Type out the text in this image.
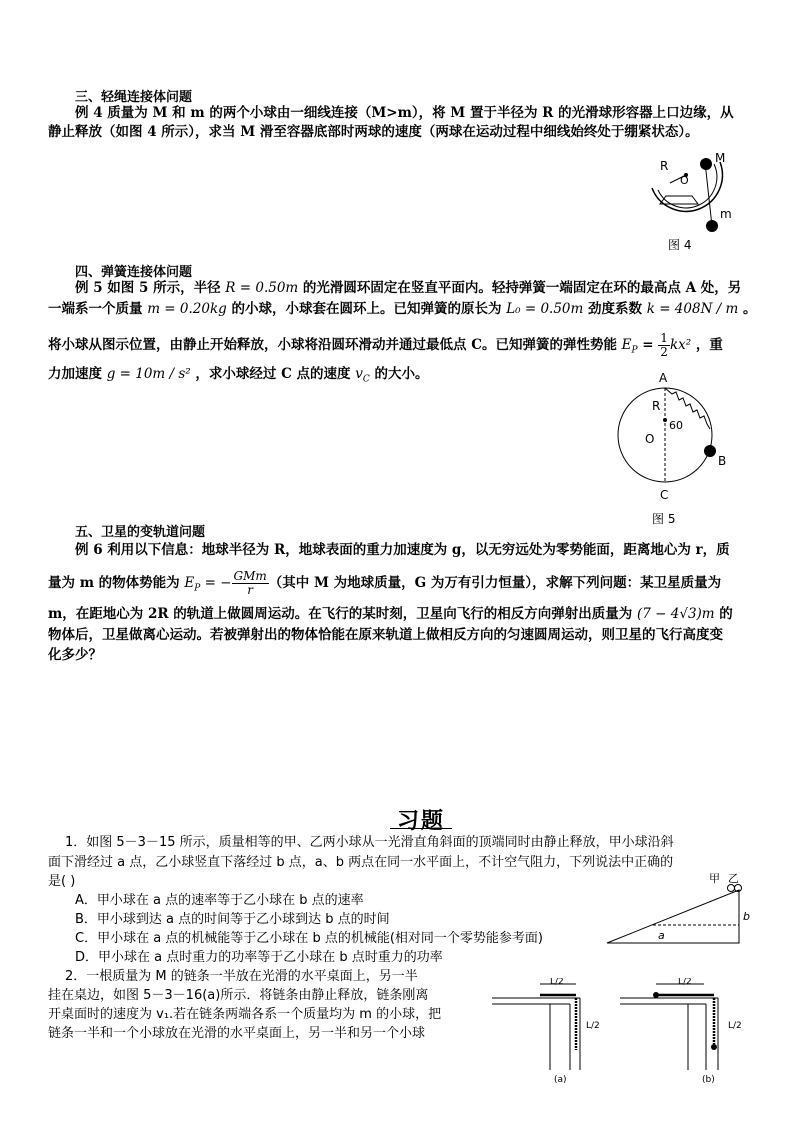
三、轻绳连接体问题
例 4 质量为 M 和 m 的两个小球由一细线连接（M>m），将 M 置于半径为 R 的光滑球形容器上口边缘，从
静止释放（如图 4 所示），求当 M 滑至容器底部时两球的速度（两球在运动过程中细线始终处于绷紧状态）。
R
O
M
m
图 4
四、弹簧连接体问题
例 5 如图 5 所示，半径 R = 0.50m 的光滑圆环固定在竖直平面内。轻持弹簧一端固定在环的最高点 A 处，另
一端系一个质量 m = 0.20kg 的小球，小球套在圆环上。已知弹簧的原长为 L₀ = 0.50m 劲度系数 k = 408N / m 。
将小球从图示位置，由静止开始释放，小球将沿圆环滑动并通过最低点 C。已知弹簧的弹性势能 $E_P = \frac{1}{2} kx^2$ ，重
力加速度 g = 10m / s² ，求小球经过 C 点的速度 $v_C$ 的大小。	A
R
O
60
B
C
图 5
五、卫星的变轨道问题
例 6 利用以下信息：地球半径为 R，地球表面的重力加速度为 g，以无穷远处为零势能面，距离地心为 r，质
量为 m 的物体势能为 $E_P$ = − GMm
r	（其中 M 为地球质量，G 为万有引力恒量），求解下列问题：某卫星质量为
m，在距地心为 2R 的轨道上做圆周运动。在飞行的某时刻，卫星向飞行的相反方向弹射出质量为 (7 − 4√3)m 的
物体后，卫星做离心运动。若被弹射出的物体恰能在原来轨道上做相反方向的匀速圆周运动，则卫星的飞行高度变
化多少？
习题
1．如图 5－3－15 所示，质量相等的甲、乙两小球从一光滑直角斜面的顶端同时由静止释放，甲小球沿斜
面下滑经过 a 点，乙小球竖直下落经过 b 点，a、b 两点在同一水平面上，不计空气阻力，下列说法中正确的
是( )
A．甲小球在 a 点的速率等于乙小球在 b 点的速率
B．甲小球到达 a 点的时间等于乙小球到达 b 点的时间
C．甲小球在 a 点的机械能等于乙小球在 b 点的机械能(相对同一个零势能参考面)
D．甲小球在 a 点时重力的功率等于乙小球在 b 点时重力的功率
甲 乙
a
b
2．一根质量为 M 的链条一半放在光滑的水平桌面上，另一半
挂在桌边，如图 5－3－16(a)所示．将链条由静止释放，链条刚离
开桌面时的速度为 v₁.若在链条两端各系一个质量均为 m 的小球，把
链条一半和一个小球放在光滑的水平桌面上，另一半和另一个小球
L/2
L/2
(a)
L/2
L/2
(b)
